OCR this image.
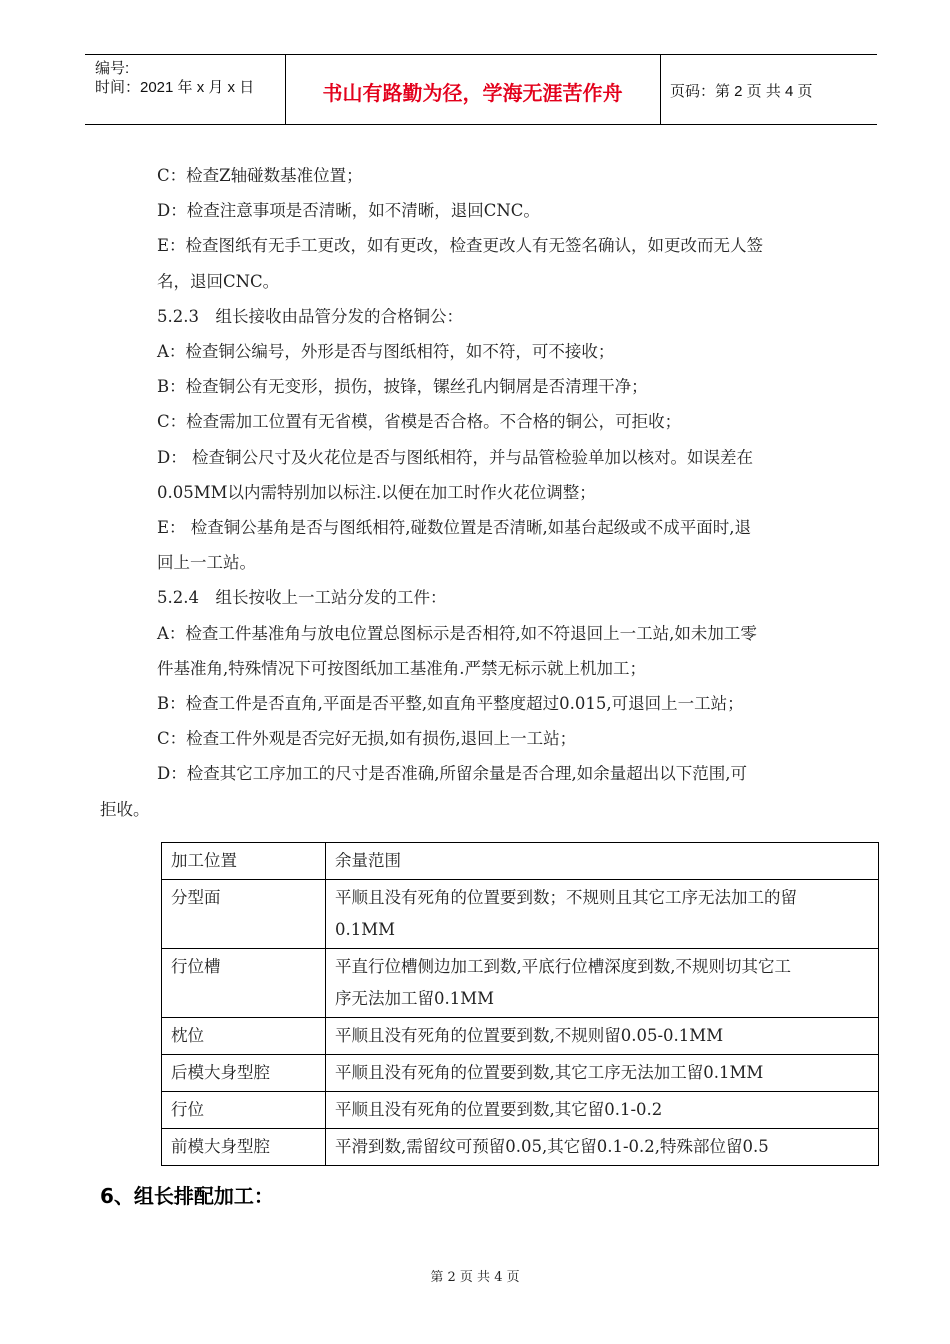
编号:
时间：2021 年 x 月 x 日	书山有路勤为径，学海无涯苦作舟	页码：第 2 页 共 4 页

C：检查Z轴碰数基准位置；

D：检查注意事项是否清晰，如不清晰，退回CNC。

E：检查图纸有无手工更改，如有更改，检查更改人有无签名确认，如更改而无人签

名，退回CNC。

5.2.3　组长接收由品管分发的合格铜公：

A：检查铜公编号，外形是否与图纸相符，如不符，可不接收；

B：检查铜公有无变形，损伤，披锋，镙丝孔内铜屑是否清理干净；

C：检查需加工位置有无省模，省模是否合格。不合格的铜公，可拒收；

D： 检查铜公尺寸及火花位是否与图纸相符，并与品管检验单加以核对。如误差在

0.05MM以内需特别加以标注.以便在加工时作火花位调整；

E： 检查铜公基角是否与图纸相符,碰数位置是否清晰,如基台起级或不成平面时,退

回上一工站。

5.2.4　组长按收上一工站分发的工件：

A：检查工件基准角与放电位置总图标示是否相符,如不符退回上一工站,如未加工零

件基准角,特殊情况下可按图纸加工基准角.严禁无标示就上机加工；

B：检查工件是否直角,平面是否平整,如直角平整度超过0.015,可退回上一工站；

C：检查工件外观是否完好无损,如有损伤,退回上一工站；

D：检查其它工序加工的尺寸是否准确,所留余量是否合理,如余量超出以下范围,可

拒收。

加工位置	余量范围
分型面	平顺且没有死角的位置要到数；不规则且其它工序无法加工的留
0.1MM

行位槽	平直行位槽侧边加工到数,平底行位槽深度到数,不规则切其它工
序无法加工留0.1MM

枕位	平顺且没有死角的位置要到数,不规则留0.05-0.1MM
后模大身型腔	平顺且没有死角的位置要到数,其它工序无法加工留0.1MM
行位	平顺且没有死角的位置要到数,其它留0.1-0.2
前模大身型腔	平滑到数,需留纹可预留0.05,其它留0.1-0.2,特殊部位留0.5
6、组长排配加工：
第 2 页 共 4 页
